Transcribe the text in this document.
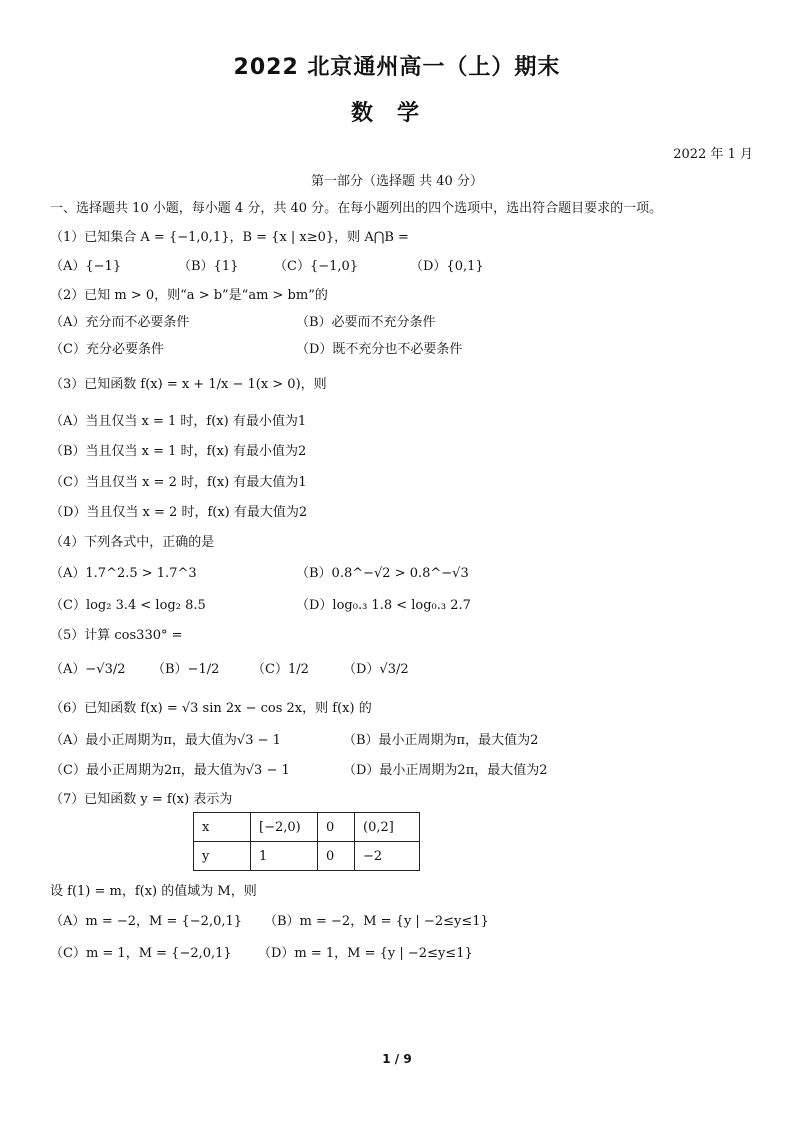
2022 北京通州高一（上）期末
数学
2022 年 1 月
第一部分（选择题 共 40 分）
一、选择题共 10 小题，每小题 4 分，共 40 分。在每小题列出的四个选项中，选出符合题目要求的一项。
（1）已知集合 A = {−1,0,1}，B = {x | x≥0}，则 A⋂B =
（A）{−1}	（B）{1}	（C）{−1,0}	（D）{0,1}
（2）已知 m > 0，则“a > b”是“am > bm”的
（A）充分而不必要条件	（B）必要而不充分条件
（C）充分必要条件	（D）既不充分也不必要条件
（3）已知函数 f(x) = x + 1/x − 1(x > 0)，则
（A）当且仅当 x = 1 时，f(x) 有最小值为1
（B）当且仅当 x = 1 时，f(x) 有最小值为2
（C）当且仅当 x = 2 时，f(x) 有最大值为1
（D）当且仅当 x = 2 时，f(x) 有最大值为2
（4）下列各式中，正确的是
（A）1.7^2.5 > 1.7^3	（B）0.8^−√2 > 0.8^−√3
（C）log₂ 3.4 < log₂ 8.5	（D）log₀.₃ 1.8 < log₀.₃ 2.7
（5）计算 cos330° =
（A）−√3/2 （B）−1/2	（C）1/2	（D）√3/2
（6）已知函数 f(x) = √3 sin 2x − cos 2x，则 f(x) 的
（A）最小正周期为π，最大值为√3 − 1	（B）最小正周期为π，最大值为2
（C）最小正周期为2π，最大值为√3 − 1	（D）最小正周期为2π，最大值为2
（7）已知函数 y = f(x) 表示为
x	[−2,0)	0	(0,2]
y	1	0	−2
设 f(1) = m，f(x) 的值域为 M，则
（A）m = −2，M = {−2,0,1} （B）m = −2，M = {y | −2≤y≤1}
（C）m = 1，M = {−2,0,1} （D）m = 1，M = {y | −2≤y≤1}
1 / 9
